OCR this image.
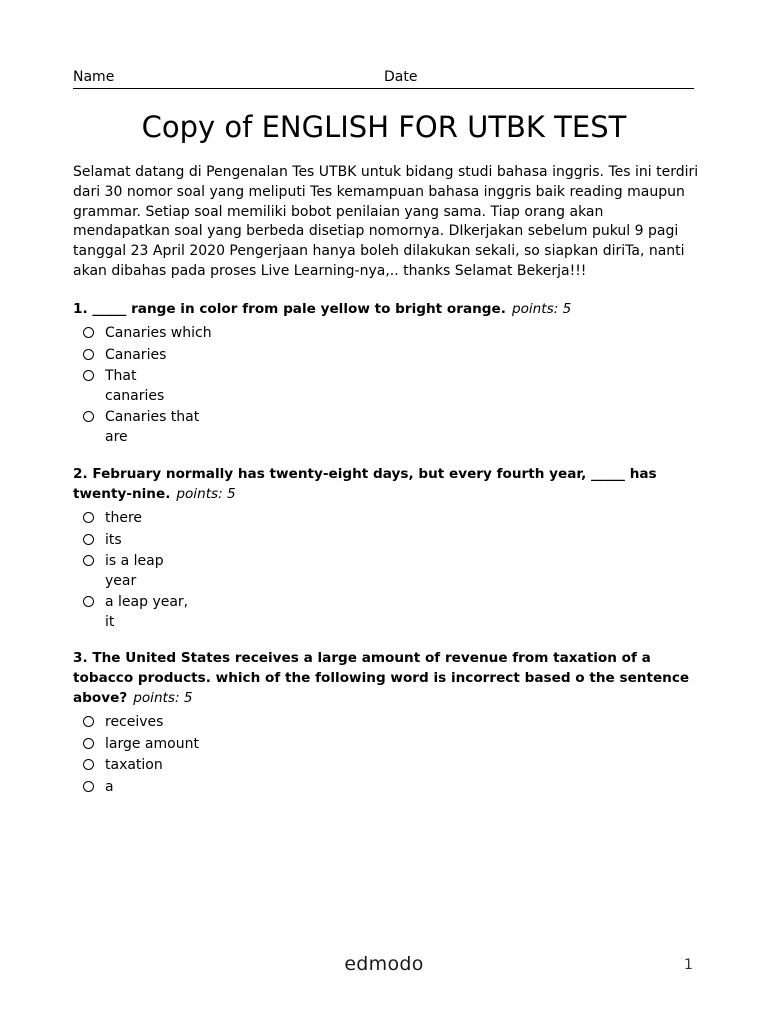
Name	Date
Copy of ENGLISH FOR UTBK TEST

Selamat datang di Pengenalan Tes UTBK untuk bidang studi bahasa inggris. Tes ini terdiri dari 30 nomor soal yang meliputi Tes kemampuan bahasa inggris baik reading maupun grammar. Setiap soal memiliki bobot penilaian yang sama. Tiap orang akan mendapatkan soal yang berbeda disetiap nomornya. DIkerjakan sebelum pukul 9 pagi tanggal 23 April 2020 Pengerjaan hanya boleh dilakukan sekali, so siapkan diriTa, nanti akan dibahas pada proses Live Learning-nya,.. thanks Selamat Bekerja!!!

1. _____ range in color from pale yellow to bright orange. points: 5

Canaries which
Canaries
That canaries
Canaries that are

2. February normally has twenty-eight days, but every fourth year, _____ has twenty-nine. points: 5

there
its
is a leap year
a leap year, it

3. The United States receives a large amount of revenue from taxation of a tobacco products. which of the following word is incorrect based o the sentence above? points: 5

receives
large amount
taxation
a
edmodo	1
